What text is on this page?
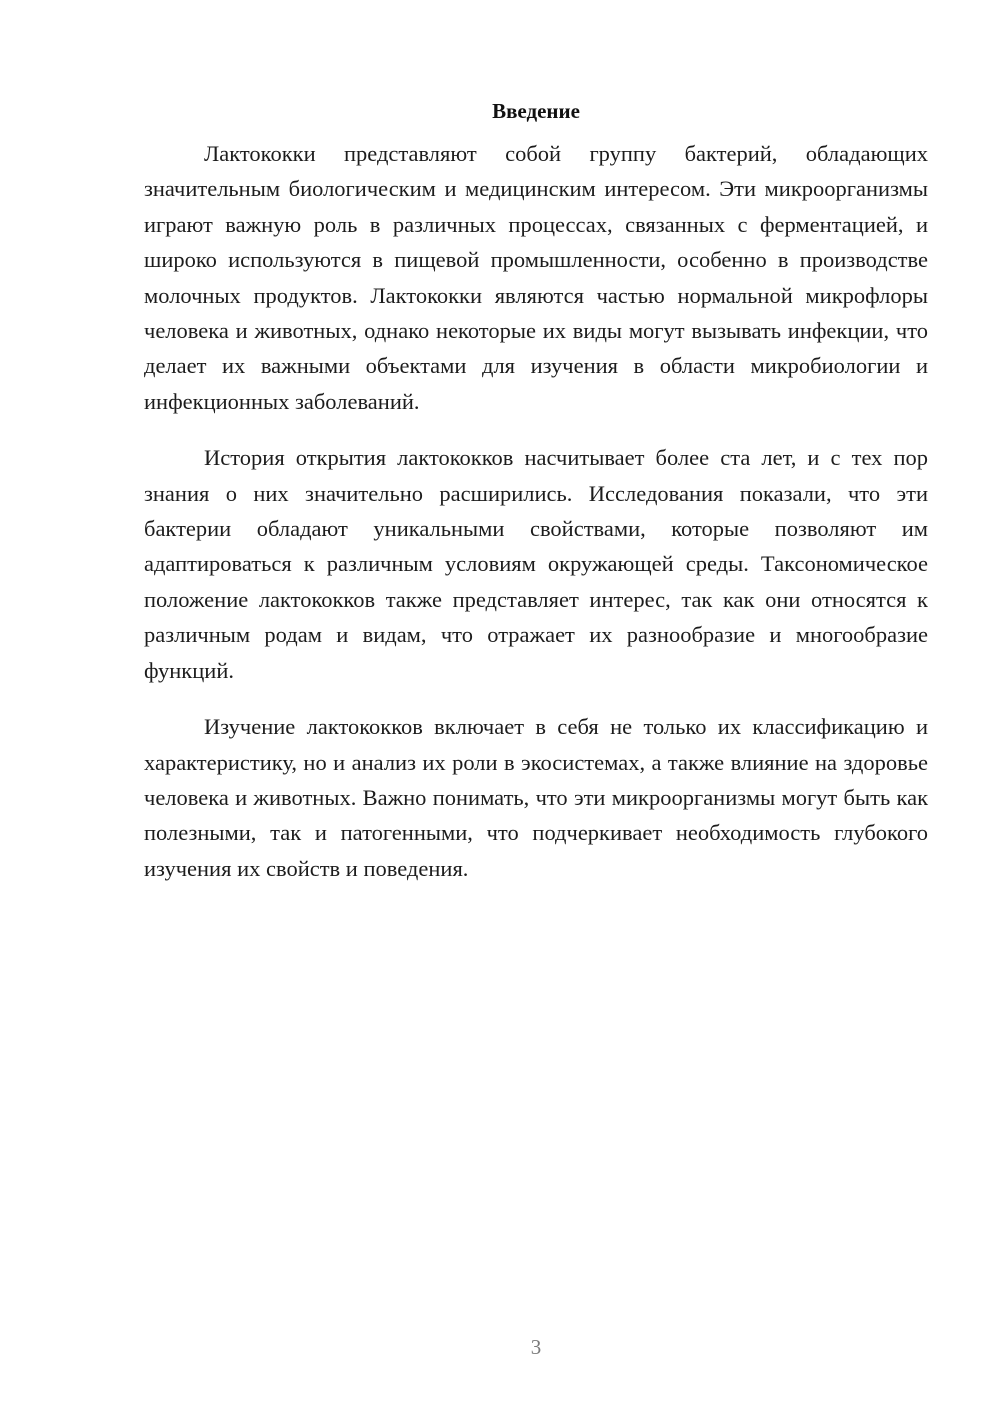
Введение

Лактококки представляют собой группу бактерий, обладающих значительным биологическим и медицинским интересом. Эти микроорганизмы играют важную роль в различных процессах, связанных с ферментацией, и широко используются в пищевой промышленности, особенно в производстве молочных продуктов. Лактококки являются частью нормальной микрофлоры человека и животных, однако некоторые их виды могут вызывать инфекции, что делает их важными объектами для изучения в области микробиологии и инфекционных заболеваний.

История открытия лактококков насчитывает более ста лет, и с тех пор знания о них значительно расширились. Исследования показали, что эти бактерии обладают уникальными свойствами, которые позволяют им адаптироваться к различным условиям окружающей среды. Таксономическое положение лактококков также представляет интерес, так как они относятся к различным родам и видам, что отражает их разнообразие и многообразие функций.

Изучение лактококков включает в себя не только их классификацию и характеристику, но и анализ их роли в экосистемах, а также влияние на здоровье человека и животных. Важно понимать, что эти микроорганизмы могут быть как полезными, так и патогенными, что подчеркивает необходимость глубокого изучения их свойств и поведения.

3
